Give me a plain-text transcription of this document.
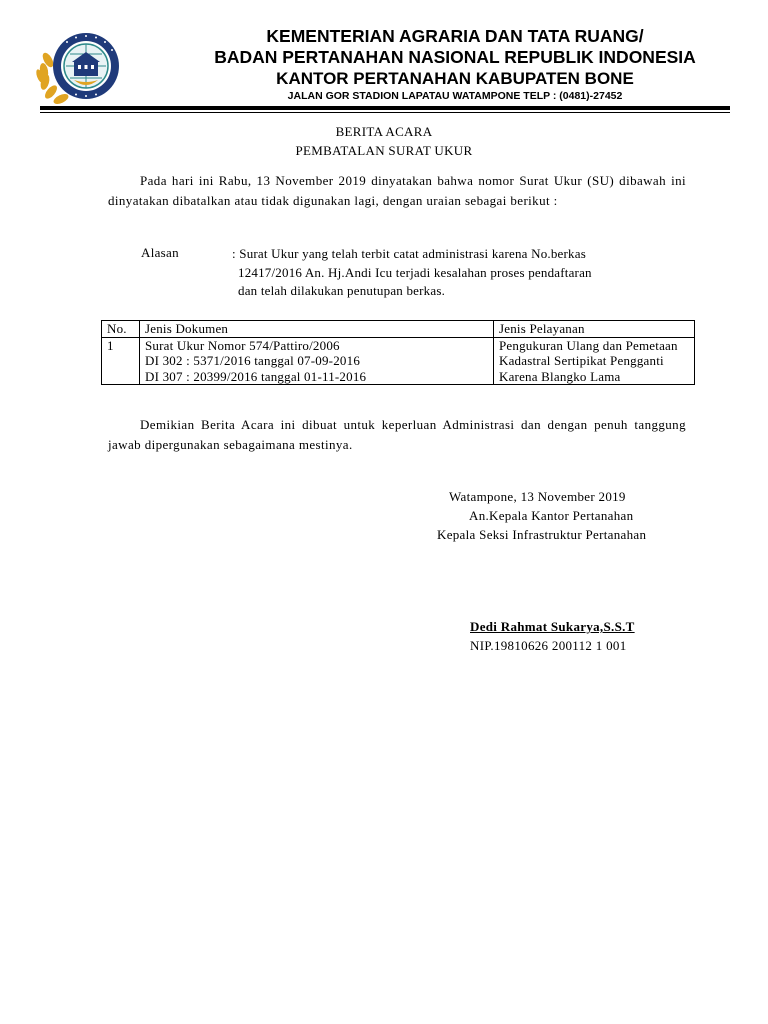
KEMENTERIAN AGRARIA DAN TATA RUANG/
BADAN PERTANAHAN NASIONAL REPUBLIK INDONESIA
KANTOR PERTANAHAN KABUPATEN BONE
JALAN GOR STADION LAPATAU WATAMPONE TELP : (0481)-27452
BERITA ACARA
PEMBATALAN SURAT UKUR
Pada hari ini Rabu, 13 November 2019 dinyatakan bahwa nomor Surat Ukur (SU) dibawah ini dinyatakan dibatalkan atau tidak digunakan lagi, dengan uraian sebagai berikut :
Alasan	: Surat Ukur yang telah terbit catat administrasi karena No.berkas
12417/2016 An. Hj.Andi Icu terjadi kesalahan proses pendaftaran
dan telah dilakukan penutupan berkas.
No.	Jenis Dokumen	Jenis Pelayanan
1	Surat Ukur Nomor 574/Pattiro/2006
DI 302 : 5371/2016 tanggal 07-09-2016
DI 307 : 20399/2016 tanggal 01-11-2016	Pengukuran Ulang dan Pemetaan Kadastral Sertipikat Pengganti Karena Blangko Lama
Demikian Berita Acara ini dibuat untuk keperluan Administrasi dan dengan penuh tanggung jawab dipergunakan sebagaimana mestinya.
Watampone, 13 November 2019
An.Kepala Kantor Pertanahan
Kepala Seksi Infrastruktur Pertanahan
Dedi Rahmat Sukarya,S.S.T
NIP.19810626 200112 1 001
